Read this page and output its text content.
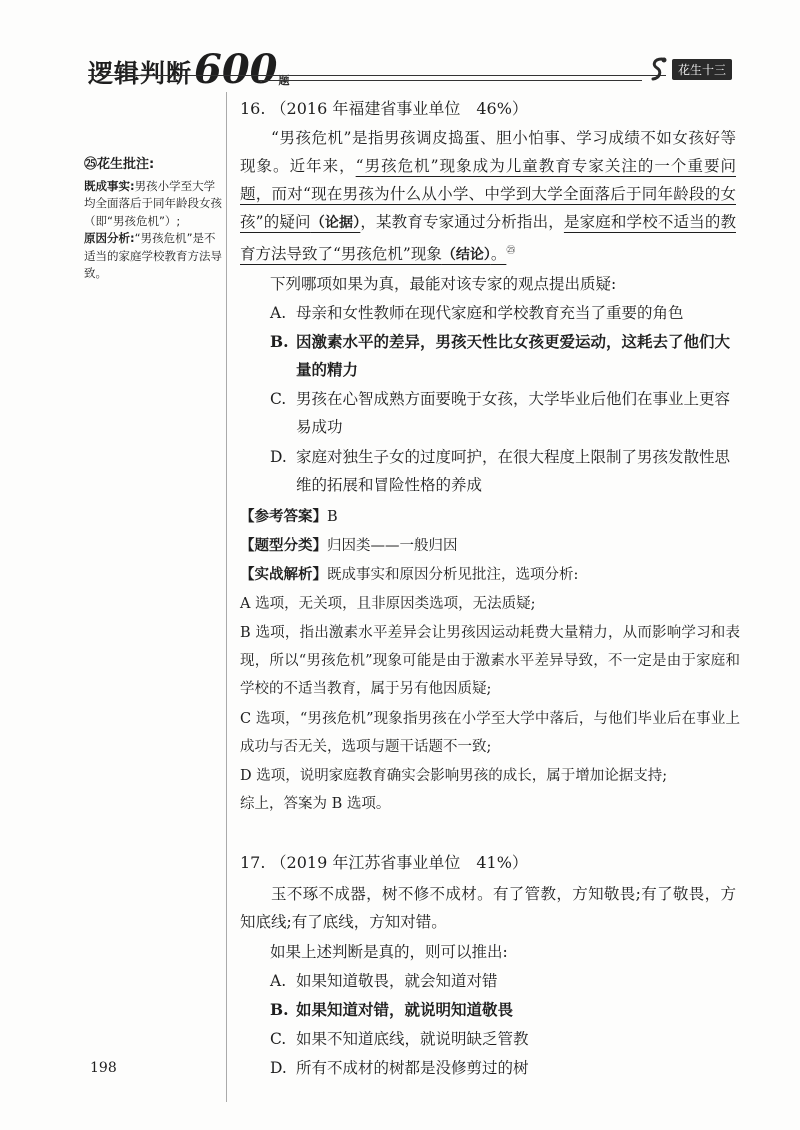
逻辑判断 600 题
花生十三
㉕花生批注:

既成事实:男孩小学至大学均全面落后于同年龄段女孩（即“男孩危机”）;

原因分析:“男孩危机”是不适当的家庭学校教育方法导致。

16. （2016 年福建省事业单位　46%）
“男孩危机”是指男孩调皮捣蛋、胆小怕事、学习成绩不如女孩好等现象。近年来，“男孩危机”现象成为儿童教育专家关注的一个重要问题，而对“现在男孩为什么从小学、中学到大学全面落后于同年龄段的女孩”的疑问（论据），某教育专家通过分析指出，是家庭和学校不适当的教育方法导致了“男孩危机”现象（结论）。$^㉕$
下列哪项如果为真，最能对该专家的观点提出质疑:
A. 母亲和女性教师在现代家庭和学校教育充当了重要的角色
B. 因激素水平的差异，男孩天性比女孩更爱运动，这耗去了他们大量的精力
C. 男孩在心智成熟方面要晚于女孩，大学毕业后他们在事业上更容易成功
D. 家庭对独生子女的过度呵护，在很大程度上限制了男孩发散性思维的拓展和冒险性格的养成
【参考答案】B
【题型分类】归因类——一般归因
【实战解析】既成事实和原因分析见批注，选项分析:
A 选项，无关项，且非原因类选项，无法质疑;
B 选项，指出激素水平差异会让男孩因运动耗费大量精力，从而影响学习和表现，所以“男孩危机”现象可能是由于激素水平差异导致，不一定是由于家庭和学校的不适当教育，属于另有他因质疑;
C 选项，“男孩危机”现象指男孩在小学至大学中落后，与他们毕业后在事业上成功与否无关，选项与题干话题不一致;
D 选项，说明家庭教育确实会影响男孩的成长，属于增加论据支持;
综上，答案为 B 选项。
17. （2019 年江苏省事业单位　41%）
玉不琢不成器，树不修不成材。有了管教，方知敬畏;有了敬畏，方知底线;有了底线，方知对错。
如果上述判断是真的，则可以推出:
A. 如果知道敬畏，就会知道对错
B. 如果知道对错，就说明知道敬畏
C. 如果不知道底线，就说明缺乏管教
D. 所有不成材的树都是没修剪过的树
198
